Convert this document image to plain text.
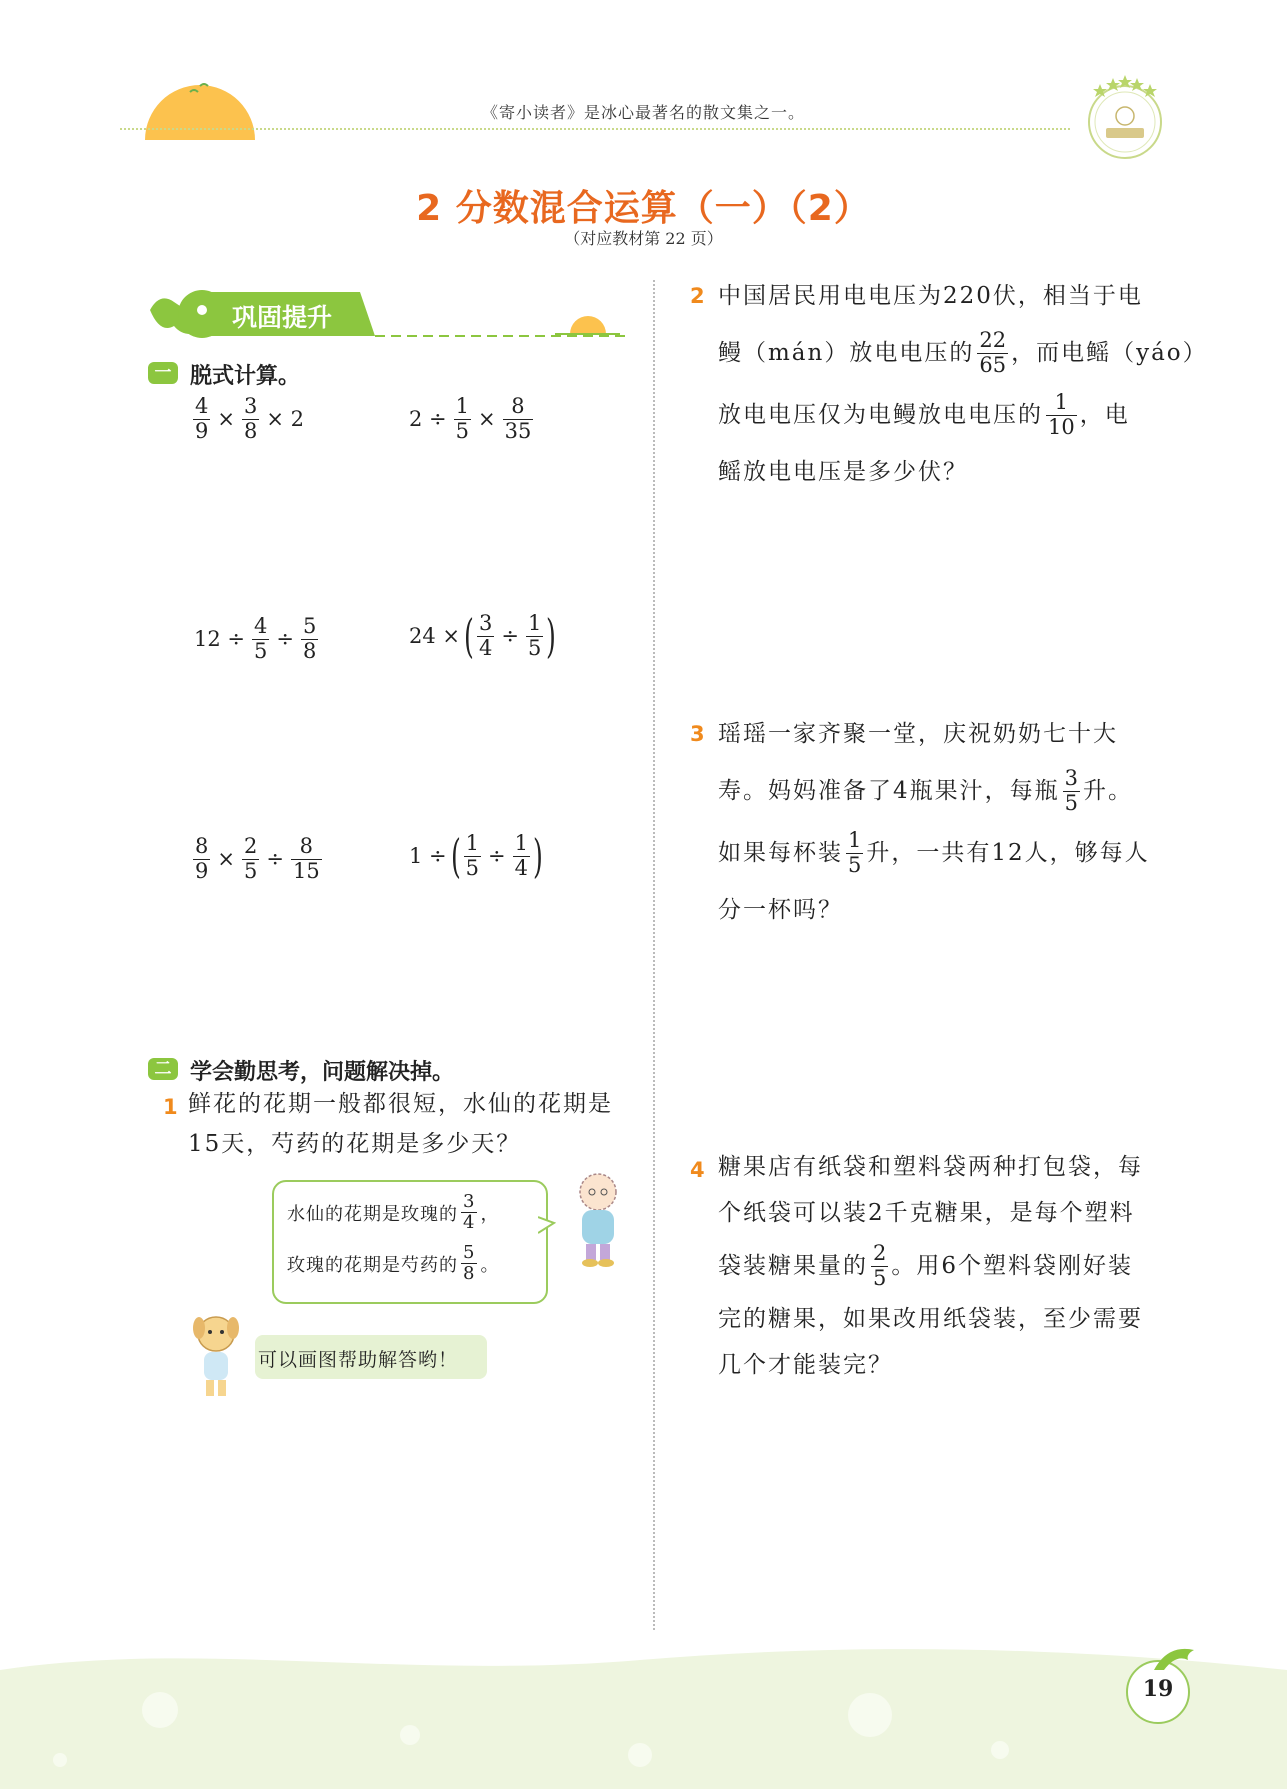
《寄小读者》是冰心最著名的散文集之一。
2 分数混合运算（一）（2）
（对应教材第 22 页）
巩固提升
一 脱式计算。
$\frac{4}{9} \times \frac{3}{8} \times 2$	$2 \div \frac{1}{5} \times \frac{8}{35}$
$12 \div \frac{4}{5} \div \frac{5}{8}$	24 × ( $\frac{3}{4} \div \frac{1}{5}$ )
$\frac{8}{9} \times \frac{2}{5} \div \frac{8}{15}$	1 ÷ ( $\frac{1}{5} \div \frac{1}{4}$ )
二 学会勤思考，问题解决掉。
1 鲜花的花期一般都很短，水仙的花期是
15天，芍药的花期是多少天？
水仙的花期是玫瑰的 $\frac{3}{4}$ ，
玫瑰的花期是芍药的 $\frac{5}{8}$ 。
可以画图帮助解答哟！
2 中国居民用电电压为220伏，相当于电
鳗（mán）放电电压的 $\frac{22}{65}$ ，而电鳐（yáo）
放电电压仅为电鳗放电电压的 $\frac{1}{10}$ ，电
鳐放电电压是多少伏？
3 瑶瑶一家齐聚一堂，庆祝奶奶七十大
寿。妈妈准备了4瓶果汁，每瓶 $\frac{3}{5}$ 升。
如果每杯装 $\frac{1}{5}$ 升，一共有12人，够每人
分一杯吗？
4 糖果店有纸袋和塑料袋两种打包袋，每
个纸袋可以装2千克糖果，是每个塑料
袋装糖果量的 $\frac{2}{5}$ 。用6个塑料袋刚好装
完的糖果，如果改用纸袋装，至少需要
几个才能装完？
19
